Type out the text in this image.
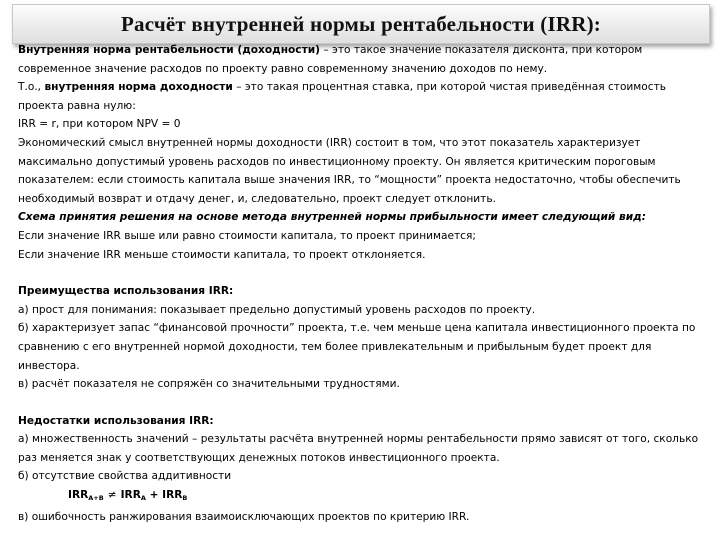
Расчёт внутренней нормы рентабельности (IRR):

Внутренняя норма рентабельности (доходности) – это такое значение показателя дисконта, при котором современное значение расходов по проекту равно современному значению доходов по нему.

Т.о., внутренняя норма доходности – это такая процентная ставка, при которой чистая приведённая стоимость проекта равна нулю:

IRR = r, при котором NPV = 0

Экономический смысл внутренней нормы доходности (IRR) состоит в том, что этот показатель характеризует максимально допустимый уровень расходов по инвестиционному проекту. Он является критическим пороговым показателем: если стоимость капитала выше значения IRR, то “мощности” проекта недостаточно, чтобы обеспечить необходимый возврат и отдачу денег, и, следовательно, проект следует отклонить.

Схема принятия решения на основе метода внутренней нормы прибыльности имеет следующий вид:

Если значение IRR выше или равно стоимости капитала, то проект принимается;

Если значение IRR меньше стоимости капитала, то проект отклоняется.

Преимущества использования IRR:

а) прост для понимания: показывает предельно допустимый уровень расходов по проекту.

б) характеризует запас “финансовой прочности” проекта, т.е. чем меньше цена капитала инвестиционного проекта по сравнению с его внутренней нормой доходности, тем более привлекательным и прибыльным будет проект для инвестора.

в) расчёт показателя не сопряжён со значительными трудностями.

Недостатки использования IRR:

а) множественность значений – результаты расчёта внутренней нормы рентабельности прямо зависят от того, сколько раз меняется знак у соответствующих денежных потоков инвестиционного проекта.

б) отсутствие свойства аддитивности

$IRR_{A+B} \ne IRR_A + IRR_B$

в) ошибочность ранжирования взаимоисключающих проектов по критерию IRR.
